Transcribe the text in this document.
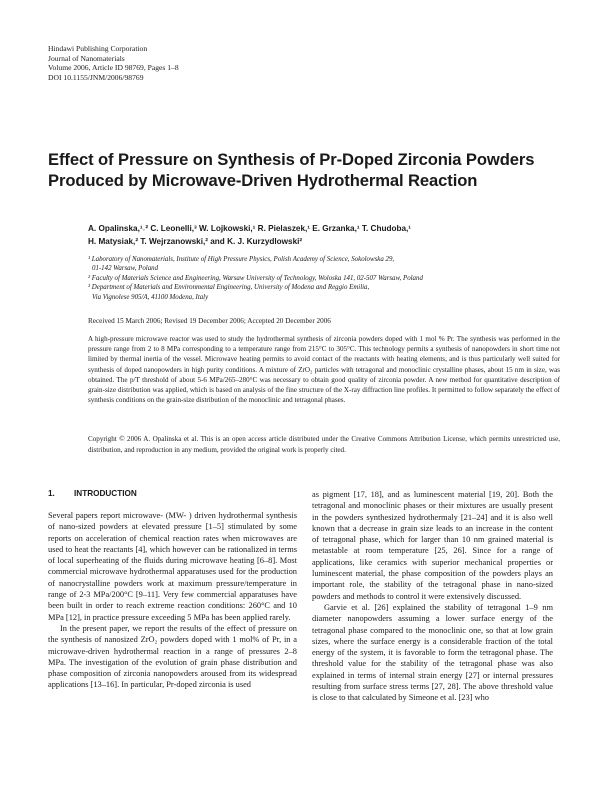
Hindawi Publishing Corporation
Journal of Nanomaterials
Volume 2006, Article ID 98769, Pages 1–8
DOI 10.1155/JNM/2006/98769
Effect of Pressure on Synthesis of Pr-Doped Zirconia Powders Produced by Microwave-Driven Hydrothermal Reaction
A. Opalinska,¹˒² C. Leonelli,³ W. Lojkowski,¹ R. Pielaszek,¹ E. Grzanka,¹ T. Chudoba,¹
H. Matysiak,² T. Wejrzanowski,² and K. J. Kurzydlowski²

¹ Laboratory of Nanomaterials, Institute of High Pressure Physics, Polish Academy of Science, Sokolowska 29,
01-142 Warsaw, Poland

² Faculty of Materials Science and Engineering, Warsaw University of Technology, Woloska 141, 02-507 Warsaw, Poland

³ Department of Materials and Environmental Engineering, University of Modena and Reggio Emilia,
Via Vignolese 905/A, 41100 Modena, Italy

Received 15 March 2006; Revised 19 December 2006; Accepted 20 December 2006
A high-pressure microwave reactor was used to study the hydrothermal synthesis of zirconia powders doped with 1 mol % Pr. The synthesis was performed in the pressure range from 2 to 8 MPa corresponding to a temperature range from 215°C to 305°C. This technology permits a synthesis of nanopowders in short time not limited by thermal inertia of the vessel. Microwave heating permits to avoid contact of the reactants with heating elements, and is thus particularly well suited for synthesis of doped nanopowders in high purity conditions. A mixture of ZrO₂ particles with tetragonal and monoclinic crystalline phases, about 15 nm in size, was obtained. The p/T threshold of about 5-6 MPa/265–280°C was necessary to obtain good quality of zirconia powder. A new method for quantitative description of grain-size distribution was applied, which is based on analysis of the fine structure of the X-ray diffraction line profiles. It permitted to follow separately the effect of synthesis conditions on the grain-size distribution of the monoclinic and tetragonal phases.
Copyright © 2006 A. Opalinska et al. This is an open access article distributed under the Creative Commons Attribution License, which permits unrestricted use, distribution, and reproduction in any medium, provided the original work is properly cited.
1. INTRODUCTION

Several papers report microwave- (MW- ) driven hydrothermal synthesis of nano-sized powders at elevated pressure [1–5] stimulated by some reports on acceleration of chemical reaction rates when microwaves are used to heat the reactants [4], which however can be rationalized in terms of local superheating of the fluids during microwave heating [6–8]. Most commercial microwave hydrothermal apparatuses used for the production of nanocrystalline powders work at maximum pressure/temperature in range of 2-3 MPa/200°C [9–11]. Very few commercial apparatuses have been built in order to reach extreme reaction conditions: 260°C and 10 MPa [12], in practice pressure exceeding 5 MPa has been applied rarely.

In the present paper, we report the results of the effect of pressure on the synthesis of nanosized ZrO₂ powders doped with 1 mol% of Pr, in a microwave-driven hydrothermal reaction in a range of pressures 2–8 MPa. The investigation of the evolution of grain phase distribution and phase composition of zirconia nanopowders aroused from its widespread applications [13–16]. In particular, Pr-doped zirconia is used

as pigment [17, 18], and as luminescent material [19, 20]. Both the tetragonal and monoclinic phases or their mixtures are usually present in the powders synthesized hydrothermaly [21–24] and it is also well known that a decrease in grain size leads to an increase in the content of tetragonal phase, which for larger than 10 nm grained material is metastable at room temperature [25, 26]. Since for a range of applications, like ceramics with superior mechanical properties or luminescent material, the phase composition of the powders plays an important role, the stability of the tetragonal phase in nano-sized powders and methods to control it were extensively discussed.

Garvie et al. [26] explained the stability of tetragonal 1–9 nm diameter nanopowders assuming a lower surface energy of the tetragonal phase compared to the monoclinic one, so that at low grain sizes, where the surface energy is a considerable fraction of the total energy of the system, it is favorable to form the tetragonal phase. The threshold value for the stability of the tetragonal phase was also explained in terms of internal strain energy [27] or internal pressures resulting from surface stress terms [27, 28]. The above threshold value is close to that calculated by Simeone et al. [23] who
